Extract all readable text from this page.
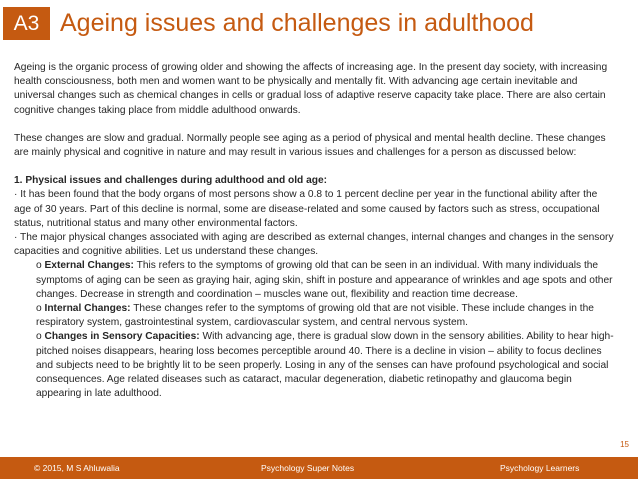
A3 Ageing issues and challenges in adulthood

Ageing is the organic process of growing older and showing the affects of increasing age. In the present day society, with increasing health consciousness, both men and women want to be physically and mentally fit. With advancing age certain inevitable and universal changes such as chemical changes in cells or gradual loss of adaptive reserve capacity take place. There are also certain cognitive changes taking place from middle adulthood onwards.

These changes are slow and gradual. Normally people see aging as a period of physical and mental health decline. These changes are mainly physical and cognitive in nature and may result in various issues and challenges for a person as discussed below:

1. Physical issues and challenges during adulthood and old age:

· It has been found that the body organs of most persons show a 0.8 to 1 percent decline per year in the functional ability after the age of 30 years. Part of this decline is normal, some are disease-related and some caused by factors such as stress, occupational status, nutritional status and many other environmental factors.

· The major physical changes associated with aging are described as external changes, internal changes and changes in the sensory capacities and cognitive abilities. Let us understand these changes.

o External Changes: This refers to the symptoms of growing old that can be seen in an individual. With many individuals the symptoms of aging can be seen as graying hair, aging skin, shift in posture and appearance of wrinkles and age spots and other changes. Decrease in strength and coordination – muscles wane out, flexibility and reaction time decrease.

o Internal Changes: These changes refer to the symptoms of growing old that are not visible. These include changes in the respiratory system, gastrointestinal system, cardiovascular system, and central nervous system.

o Changes in Sensory Capacities: With advancing age, there is gradual slow down in the sensory abilities. Ability to hear high-pitched noises disappears, hearing loss becomes perceptible around 40. There is a decline in vision – ability to focus declines and subjects need to be brightly lit to be seen properly. Losing in any of the senses can have profound psychological and social consequences. Age related diseases such as cataract, macular degeneration, diabetic retinopathy and glaucoma begin appearing in late adulthood.

15
© 2015, M S Ahluwalia	Psychology Super Notes	Psychology Learners
